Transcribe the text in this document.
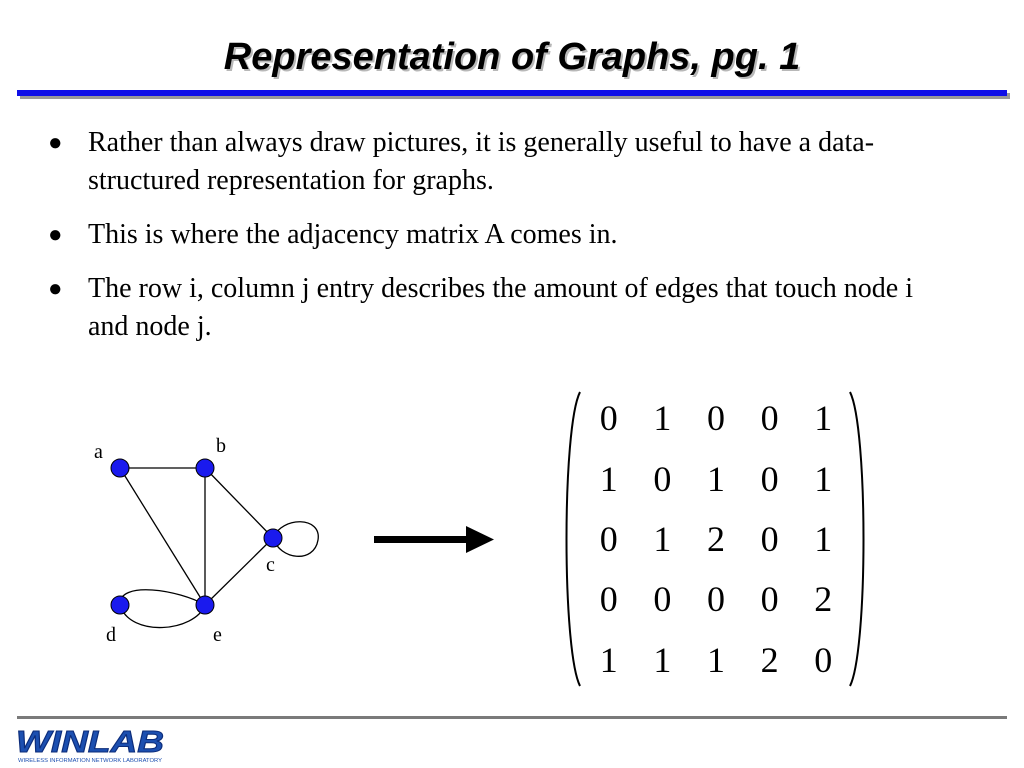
Representation of Graphs, pg. 1
● Rather than always draw pictures, it is generally useful to have a data-structured representation for graphs.
● This is where the adjacency matrix A comes in.
● The row i, column j entry describes the amount of edges that touch node i and node j.
a	b
c
d	e
0 1 0 0 1
1 0 1 0 1
0 1 2 0 1
0 0 0 0 2
1 1 1 2 0
WINLAB
WIRELESS INFORMATION NETWORK LABORATORY
